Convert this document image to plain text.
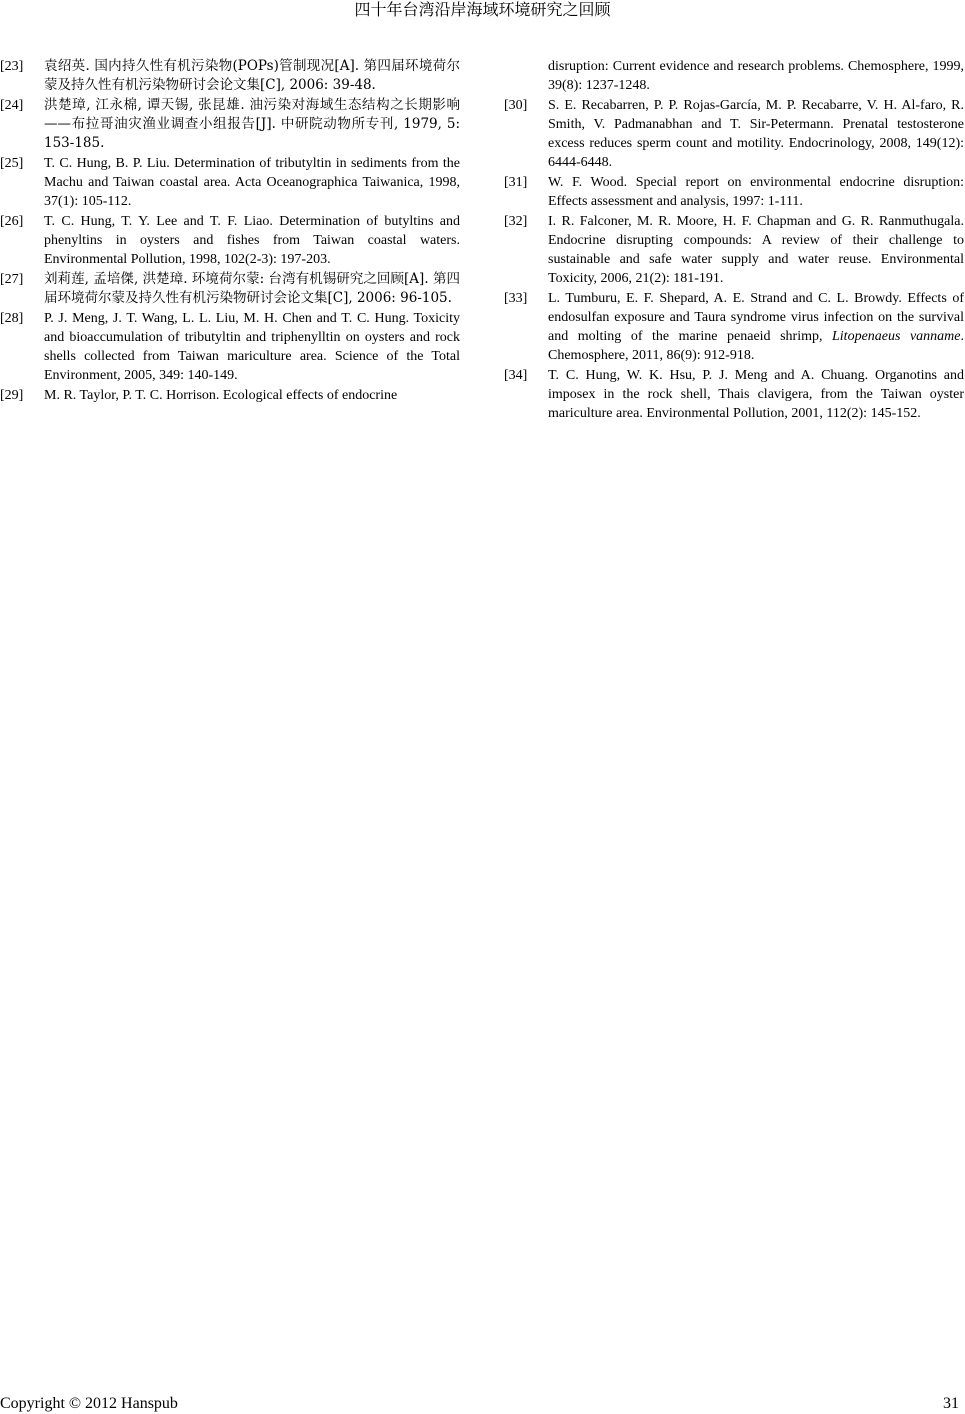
四十年台湾沿岸海域环境研究之回顾
[23]	袁绍英. 国内持久性有机污染物(POPs)管制现况[A]. 第四届环境荷尔蒙及持久性有机污染物研讨会论文集[C], 2006: 39-48.
[24]	洪楚璋, 江永棉, 谭天锡, 张昆雄. 油污染对海域生态结构之长期影响——布拉哥油灾渔业调查小组报告[J]. 中研院动物所专刊, 1979, 5: 153-185.
[25]	T. C. Hung, B. P. Liu. Determination of tributyltin in sediments from the Machu and Taiwan coastal area. Acta Oceanographica Taiwanica, 1998, 37(1): 105-112.
[26]	T. C. Hung, T. Y. Lee and T. F. Liao. Determination of butyltins and phenyltins in oysters and fishes from Taiwan coastal waters. Environmental Pollution, 1998, 102(2-3): 197-203.
[27]	刘莉莲, 孟培傑, 洪楚璋. 环境荷尔蒙: 台湾有机锡研究之回顾[A]. 第四届环境荷尔蒙及持久性有机污染物研讨会论文集[C], 2006: 96-105.
[28]	P. J. Meng, J. T. Wang, L. L. Liu, M. H. Chen and T. C. Hung. Toxicity and bioaccumulation of tributyltin and triphenylltin on oysters and rock shells collected from Taiwan mariculture area. Science of the Total Environment, 2005, 349: 140-149.
[29]	M. R. Taylor, P. T. C. Horrison. Ecological effects of endocrine
disruption: Current evidence and research problems. Chemosphere, 1999, 39(8): 1237-1248.
[30]	S. E. Recabarren, P. P. Rojas-García, M. P. Recabarre, V. H. Al-faro, R. Smith, V. Padmanabhan and T. Sir-Petermann. Prenatal testosterone excess reduces sperm count and motility. Endocrinology, 2008, 149(12): 6444-6448.
[31]	W. F. Wood. Special report on environmental endocrine disruption: Effects assessment and analysis, 1997: 1-111.
[32]	I. R. Falconer, M. R. Moore, H. F. Chapman and G. R. Ranmuthugala. Endocrine disrupting compounds: A review of their challenge to sustainable and safe water supply and water reuse. Environmental Toxicity, 2006, 21(2): 181-191.
[33]	L. Tumburu, E. F. Shepard, A. E. Strand and C. L. Browdy. Effects of endosulfan exposure and Taura syndrome virus infection on the survival and molting of the marine penaeid shrimp, Litopenaeus vanname. Chemosphere, 2011, 86(9): 912-918.
[34]	T. C. Hung, W. K. Hsu, P. J. Meng and A. Chuang. Organotins and imposex in the rock shell, Thais clavigera, from the Taiwan oyster mariculture area. Environmental Pollution, 2001, 112(2): 145-152.
Copyright © 2012 Hanspub	31
